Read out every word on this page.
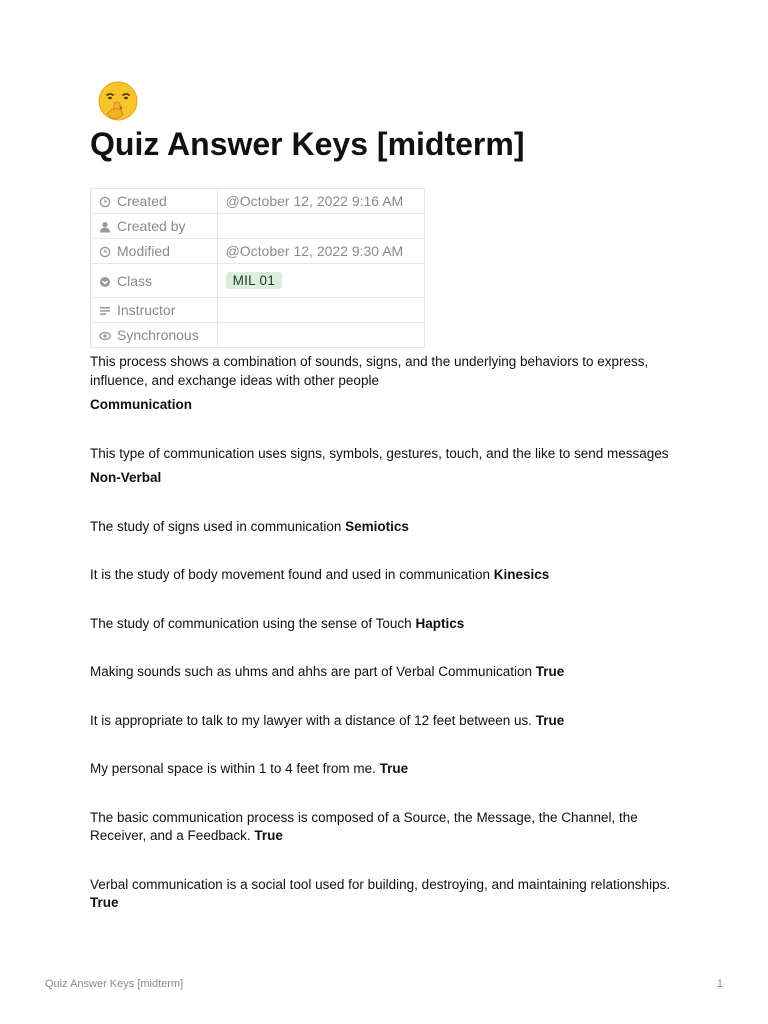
Quiz Answer Keys [midterm]
Created	@October 12, 2022 9:16 AM
Created by	
Modified	@October 12, 2022 9:30 AM
Class	MIL 01
Instructor	
Synchronous	

This process shows a combination of sounds, signs, and the underlying behaviors to express, influence, and exchange ideas with other people

Communication

This type of communication uses signs, symbols, gestures, touch, and the like to send messages

Non-Verbal

The study of signs used in communication Semiotics

It is the study of body movement found and used in communication Kinesics

The study of communication using the sense of Touch Haptics

Making sounds such as uhms and ahhs are part of Verbal Communication True

It is appropriate to talk to my lawyer with a distance of 12 feet between us. True

My personal space is within 1 to 4 feet from me. True

The basic communication process is composed of a Source, the Message, the Channel, the Receiver, and a Feedback. True

Verbal communication is a social tool used for building, destroying, and maintaining relationships. True

Quiz Answer Keys [midterm]	1
